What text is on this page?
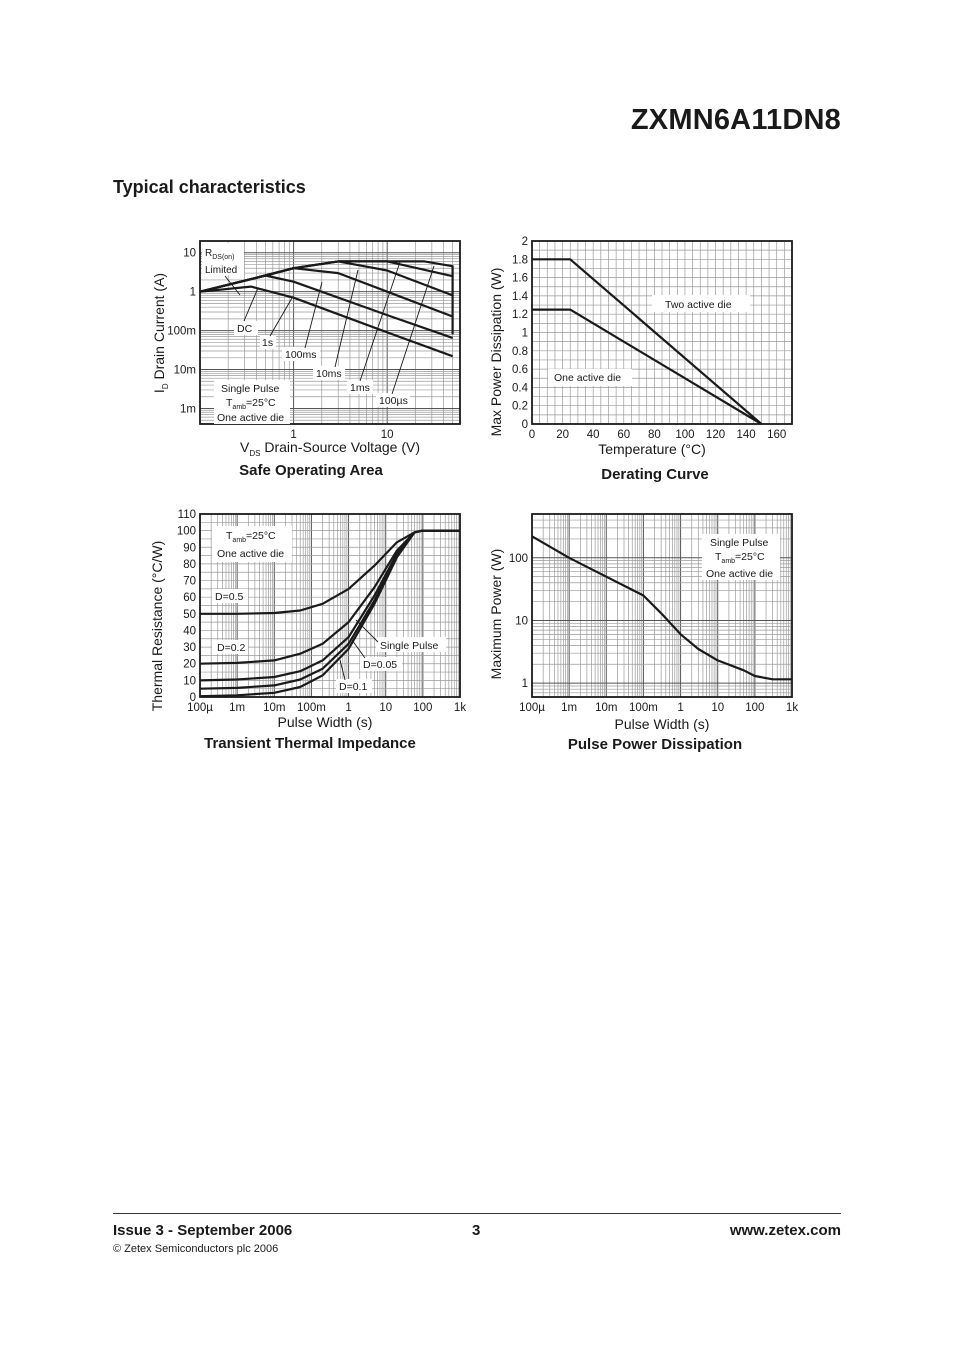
ZXMN6A11DN8
Typical characteristics
1	10
10
1
100m
10m
1m
Safe Operating Area
$I_D$ Drain Current (A)
$V_{DS}$ Drain-Source Voltage (V)
$R_{DS(on)}$
Limited
DC
1s
100ms
10ms
1ms
100µs
Single Pulse
$T_{amb}=25^\circ C$
One active die
0 20 40 60 80 100 120 140 160
0
0.2
0.4
0.6
0.8
1
1.2
1.4
1.6
1.8
2
Derating Curve
Max Power Dissipation (W)
Temperature (°C)
Two active die
One active die
100µ 1m 10m 100m 1 10 100 1k
0
10
20
30
40
50
60
70
80
90
100
110
Transient Thermal Impedance
Thermal Resistance (°C/W)
Pulse Width (s)
$T_{amb}=25^\circ C$
One active die
D=0.5
D=0.2	Single Pulse
D=0.05
D=0.1
100µ 1m 10m 100m 1 10 100 1k
100
10
1
Pulse Power Dissipation
Maximum Power (W)
Pulse Width (s)
Single Pulse
$T_{amb}=25^\circ C$
One active die
Issue 3 - September 2006	3	www.zetex.com
© Zetex Semiconductors plc 2006
